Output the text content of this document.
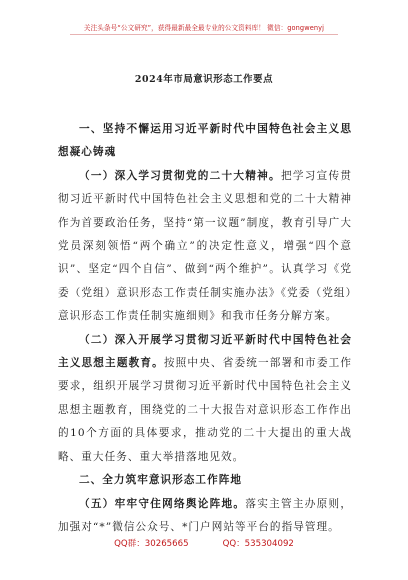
关注头条号“公文研究”，获得最新最全最专业的公文资料库！ 微信：gongwenyj
2024年市局意识形态工作要点

一、坚持不懈运用习近平新时代中国特色社会主义思想凝心铸魂

（一）深入学习贯彻党的二十大精神。把学习宣传贯彻习近平新时代中国特色社会主义思想和党的二十大精神作为首要政治任务，坚持“第一议题”制度，教育引导广大党员深刻领悟“两个确立”的决定性意义，增强“四个意识”、坚定“四个自信”、做到“两个维护”。认真学习《党委（党组）意识形态工作责任制实施办法》《党委（党组）意识形态工作责任制实施细则》和我市任务分解方案。

（二）深入开展学习贯彻习近平新时代中国特色社会主义思想主题教育。按照中央、省委统一部署和市委工作要求，组织开展学习贯彻习近平新时代中国特色社会主义思想主题教育，围绕党的二十大报告对意识形态工作作出的10个方面的具体要求，推动党的二十大提出的重大战略、重大任务、重大举措落地见效。

二、全力筑牢意识形态工作阵地

（五）牢牢守住网络舆论阵地。落实主管主办原则，加强对“*”微信公众号、*门户网站等平台的指导管理。

QQ群：30265665	QQ：535304092
